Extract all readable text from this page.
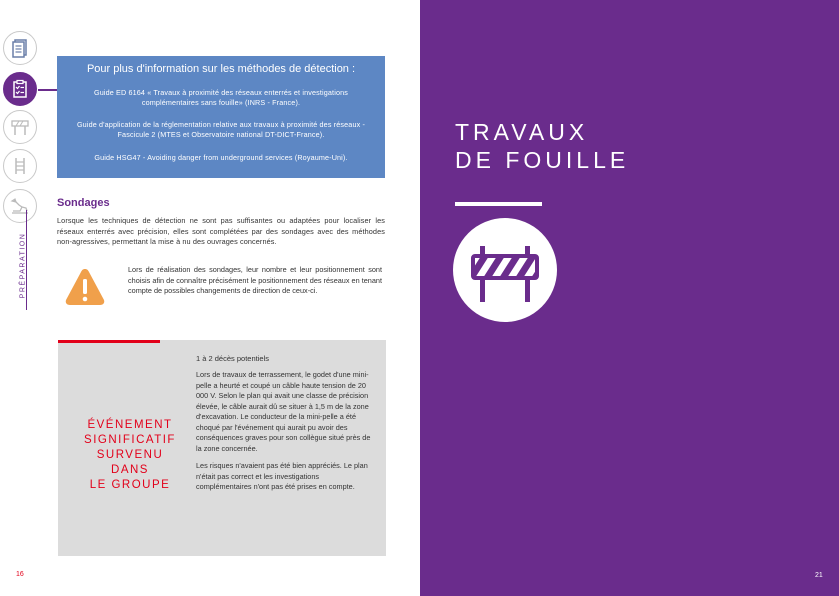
PRÉPARATION
Pour plus d'information sur les méthodes de détection :
Guide ED 6164 « Travaux à proximité des réseaux enterrés et investigations complémentaires sans fouille» (INRS - France).
Guide d'application de la réglementation relative aux travaux à proximité des réseaux - Fascicule 2 (MTES et Observatoire national DT-DICT-France).
Guide HSG47 - Avoiding danger from underground services (Royaume-Uni).
Sondages
Lorsque les techniques de détection ne sont pas suffisantes ou adaptées pour localiser les réseaux enterrés avec précision, elles sont complétées par des sondages avec des méthodes non-agressives, permettant la mise à nu des ouvrages concernés.
Lors de réalisation des sondages, leur nombre et leur positionnement sont choisis afin de connaître précisément le positionnement des réseaux en tenant compte de possibles changements de direction de ceux-ci.
1 à 2 décès potentiels
ÉVÉNEMENT
SIGNIFICATIF
SURVENU
DANS
LE GROUPE
Lors de travaux de terrassement, le godet d'une mini-pelle a heurté et coupé un câble haute tension de 20 000 V. Selon le plan qui avait une classe de précision élevée, le câble aurait dû se situer à 1,5 m de la zone d'excavation. Le conducteur de la mini-pelle a été choqué par l'événement qui aurait pu avoir des conséquences graves pour son collègue situé près de la zone concernée.
Les risques n'avaient pas été bien appréciés. Le plan n'était pas correct et les investigations complémentaires n'ont pas été prises en compte.
16
TRAVAUX
DE FOUILLE
21
